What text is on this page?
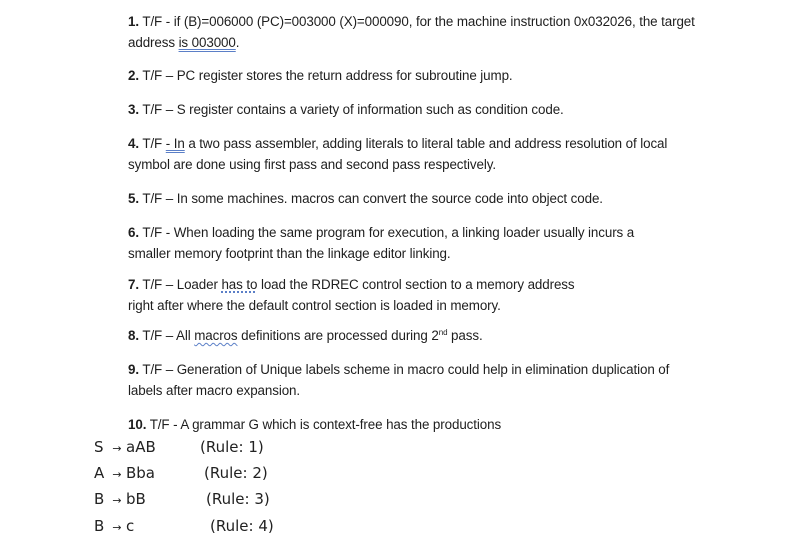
1. T/F - if (B)=006000 (PC)=003000 (X)=000090, for the machine instruction 0x032026, the target
address is 003000.
2. T/F – PC register stores the return address for subroutine jump.
3. T/F – S register contains a variety of information such as condition code.
4. T/F - In a two pass assembler, adding literals to literal table and address resolution of local
symbol are done using first pass and second pass respectively.
5. T/F – In some machines. macros can convert the source code into object code.
6. T/F - When loading the same program for execution, a linking loader usually incurs a
smaller memory footprint than the linkage editor linking.
7. T/F – Loader has to load the RDREC control section to a memory address
right after where the default control section is loaded in memory.
8. T/F – All macros definitions are processed during 2nd pass.
9. T/F – Generation of Unique labels scheme in macro could help in elimination duplication of
labels after macro expansion.
10. T/F - A grammar G which is context-free has the productions
S → aAB	(Rule: 1)
A → Bba	(Rule: 2)
B → bB	(Rule: 3)
B → c	(Rule: 4)
